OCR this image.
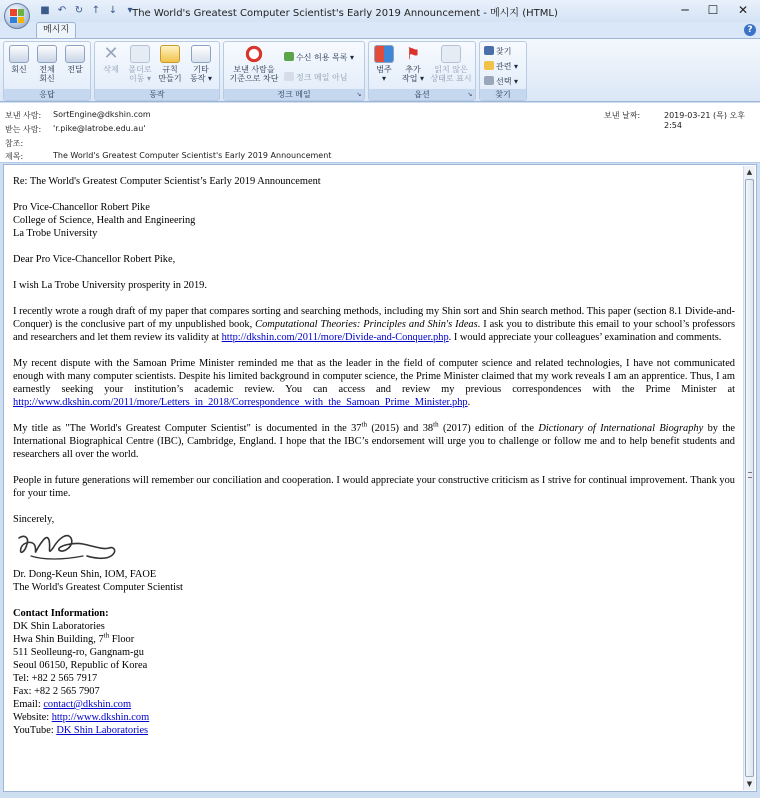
■ ↶ ↻ ↑ ↓	▾ The World's Greatest Computer Scientist's Early 2019 Announcement - 메시지 (HTML)	─	☐	✕
메시지	?
회신	전체
회신
전달
응답
✕
삭제	폴더로
이동 ▾
규칙
만들기
기타
동작 ▾
동작
보낸 사람을
기준으로 차단
수신 허용 목록 ▾
정크 메일 아님
정크 메일	↘
범주
▾
⚑
추가
작업 ▾
읽지 않은
상태로 표시
옵션	↘
찾기
관련 ▾
선택 ▾
찾기
보낸 사람: SortEngine@dkshin.com
받는 사람: 'r.pike@latrobe.edu.au'
참조:
제목:	The World's Greatest Computer Scientist's Early 2019 Announcement
보낸 날짜:	2019-03-21 (목) 오후 2:54

Re: The World's Greatest Computer Scientist’s Early 2019 Announcement

Pro Vice-Chancellor Robert Pike
College of Science, Health and Engineering
La Trobe University

Dear Pro Vice-Chancellor Robert Pike,

I wish La Trobe University prosperity in 2019.

I recently wrote a rough draft of my paper that compares sorting and searching methods, including my Shin sort and Shin search method. This paper (section 8.1 Divide-and-Conquer) is the conclusive part of my unpublished book, Computational Theories: Principles and Shin's Ideas. I ask you to distribute this email to your school’s professors and researchers and let them review its validity at http://dkshin.com/2011/more/Divide-and-Conquer.php. I would appreciate your colleagues’ examination and comments.

My recent dispute with the Samoan Prime Minister reminded me that as the leader in the field of computer science and related technologies, I have not communicated enough with many computer scientists. Despite his limited background in computer science, the Prime Minister claimed that my work reveals I am an apprentice. Thus, I am earnestly seeking your institution’s academic review. You can access and review my previous correspondences with the Prime Minister at http://www.dkshin.com/2011/more/Letters_in_2018/Correspondence_with_the_Samoan_Prime_Minister.php.

My title as "The World's Greatest Computer Scientist" is documented in the 37th (2015) and 38th (2017) edition of the Dictionary of International Biography by the International Biographical Centre (IBC), Cambridge, England. I hope that the IBC’s endorsement will urge you to challenge or follow me and to help benefit students and researchers all over the world.

People in future generations will remember our conciliation and cooperation. I would appreciate your constructive criticism as I strive for continual improvement. Thank you for your time.

Sincerely,

Dr. Dong-Keun Shin, IOM, FAOE

The World's Greatest Computer Scientist

Contact Information:

DK Shin Laboratories

Hwa Shin Building, 7th Floor

511 Seolleung-ro, Gangnam-gu

Seoul 06150, Republic of Korea

Tel: +82 2 565 7917

Fax: +82 2 565 7907

Email: contact@dkshin.com

Website: http://www.dkshin.com

YouTube: DK Shin Laboratories

▲
▼
